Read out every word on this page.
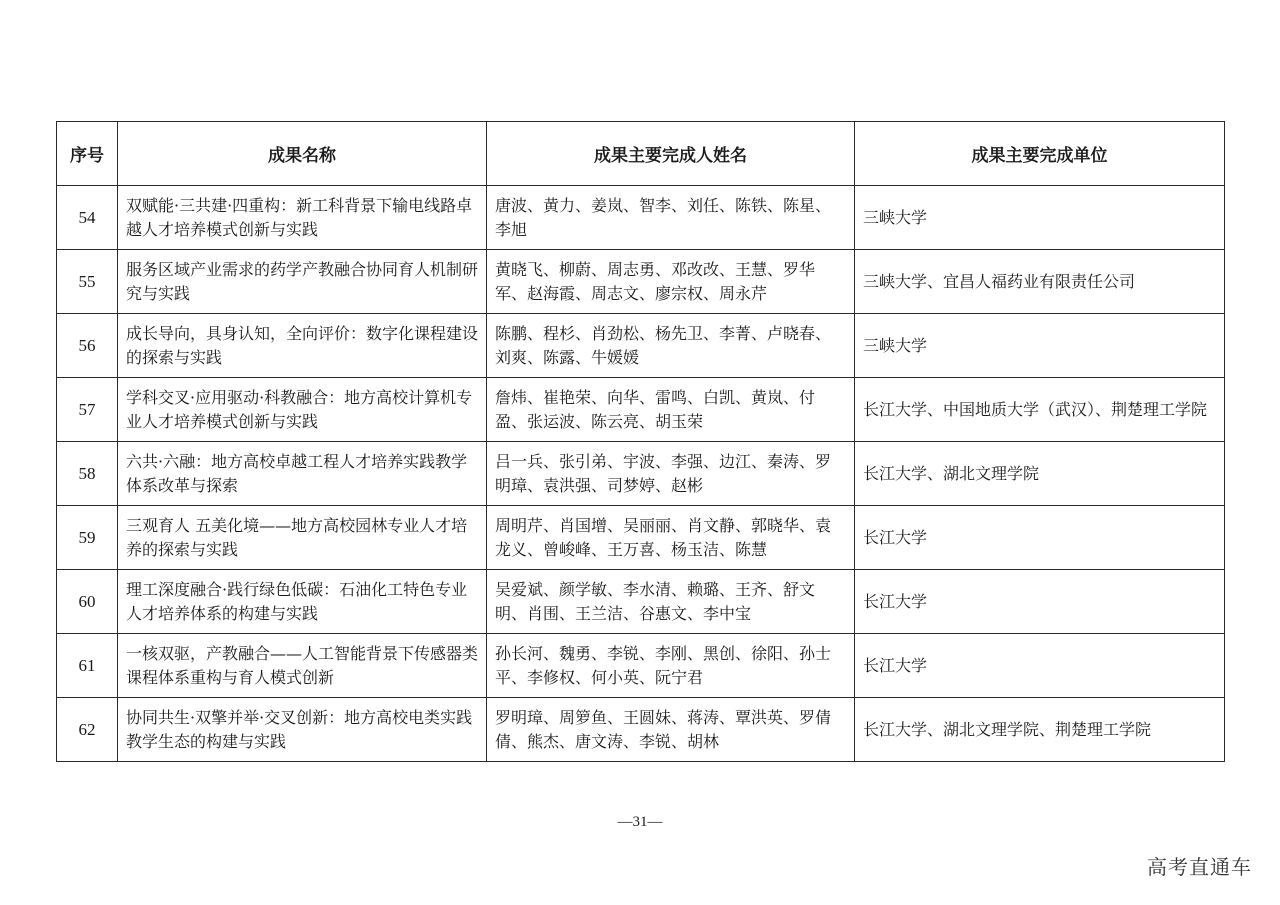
序号	成果名称	成果主要完成人姓名	成果主要完成单位
54	双赋能·三共建·四重构：新工科背景下输电线路卓越人才培养模式创新与实践	唐波、黄力、姜岚、智李、刘任、陈铁、陈星、李旭	三峡大学
55	服务区域产业需求的药学产教融合协同育人机制研究与实践	黄晓飞、柳蔚、周志勇、邓改改、王慧、罗华军、赵海霞、周志文、廖宗权、周永芹	三峡大学、宜昌人福药业有限责任公司
56	成长导向，具身认知，全向评价：数字化课程建设的探索与实践	陈鹏、程杉、肖劲松、杨先卫、李菁、卢晓春、刘爽、陈露、牛媛媛	三峡大学
57	学科交叉·应用驱动·科教融合：地方高校计算机专业人才培养模式创新与实践	詹炜、崔艳荣、向华、雷鸣、白凯、黄岚、付盈、张运波、陈云亮、胡玉荣	长江大学、中国地质大学（武汉）、荆楚理工学院
58	六共·六融：地方高校卓越工程人才培养实践教学体系改革与探索	吕一兵、张引弟、宇波、李强、边江、秦涛、罗明璋、袁洪强、司梦婷、赵彬	长江大学、湖北文理学院
59	三观育人 五美化境——地方高校园林专业人才培养的探索与实践	周明芹、肖国增、吴丽丽、肖文静、郭晓华、袁龙义、曾峻峰、王万喜、杨玉洁、陈慧	长江大学
60	理工深度融合·践行绿色低碳：石油化工特色专业人才培养体系的构建与实践	吴爱斌、颜学敏、李水清、赖璐、王齐、舒文明、肖围、王兰洁、谷惠文、李中宝	长江大学
61	一核双驱，产教融合——人工智能背景下传感器类课程体系重构与育人模式创新	孙长河、魏勇、李锐、李刚、黑创、徐阳、孙士平、李修权、何小英、阮宁君	长江大学
62	协同共生·双擎并举·交叉创新：地方高校电类实践教学生态的构建与实践	罗明璋、周箩鱼、王圆妹、蒋涛、覃洪英、罗倩倩、熊杰、唐文涛、李锐、胡林	长江大学、湖北文理学院、荆楚理工学院
—31—
高考直通车
